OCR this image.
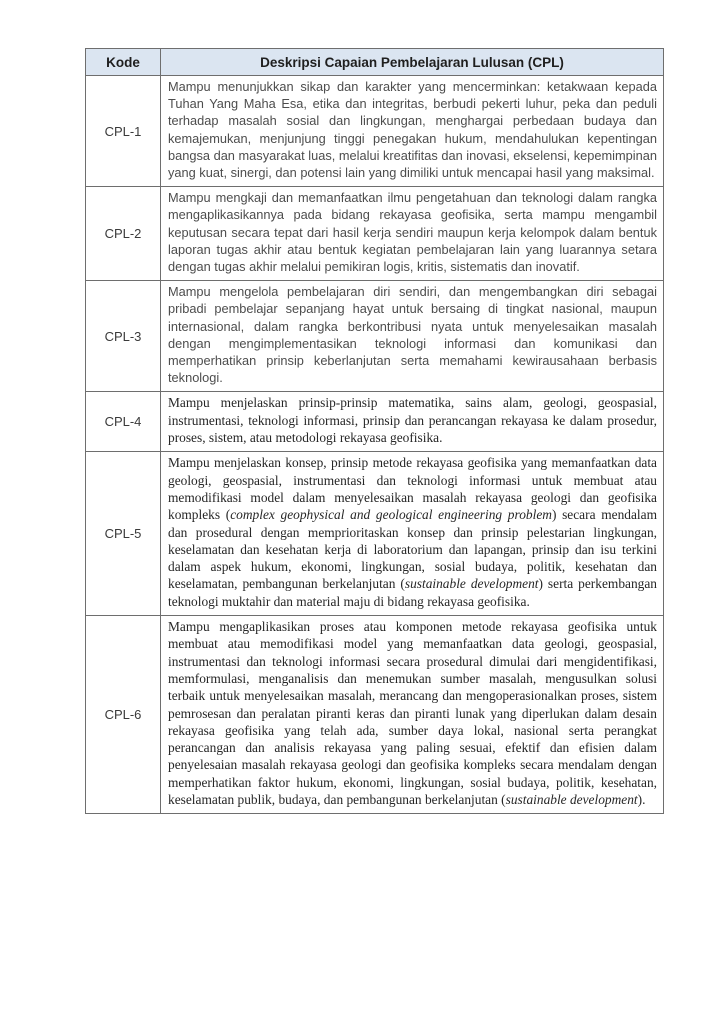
Kode	Deskripsi Capaian Pembelajaran Lulusan (CPL)
CPL-1	Mampu menunjukkan sikap dan karakter yang mencerminkan: ketakwaan kepada Tuhan Yang Maha Esa, etika dan integritas, berbudi pekerti luhur, peka dan peduli terhadap masalah sosial dan lingkungan, menghargai perbedaan budaya dan kemajemukan, menjunjung tinggi penegakan hukum, mendahulukan kepentingan bangsa dan masyarakat luas, melalui kreatifitas dan inovasi, ekselensi, kepemimpinan yang kuat, sinergi, dan potensi lain yang dimiliki untuk mencapai hasil yang maksimal.
CPL-2	Mampu mengkaji dan memanfaatkan ilmu pengetahuan dan teknologi dalam rangka mengaplikasikannya pada bidang rekayasa geofisika, serta mampu mengambil keputusan secara tepat dari hasil kerja sendiri maupun kerja kelompok dalam bentuk laporan tugas akhir atau bentuk kegiatan pembelajaran lain yang luarannya setara dengan tugas akhir melalui pemikiran logis, kritis, sistematis dan inovatif.
CPL-3	Mampu mengelola pembelajaran diri sendiri, dan mengembangkan diri sebagai pribadi pembelajar sepanjang hayat untuk bersaing di tingkat nasional, maupun internasional, dalam rangka berkontribusi nyata untuk menyelesaikan masalah dengan mengimplementasikan teknologi informasi dan komunikasi dan memperhatikan prinsip keberlanjutan serta memahami kewirausahaan berbasis teknologi.
CPL-4	Mampu menjelaskan prinsip-prinsip matematika, sains alam, geologi, geospasial, instrumentasi, teknologi informasi, prinsip dan perancangan rekayasa ke dalam prosedur, proses, sistem, atau metodologi rekayasa geofisika.
CPL-5	Mampu menjelaskan konsep, prinsip metode rekayasa geofisika yang memanfaatkan data geologi, geospasial, instrumentasi dan teknologi informasi untuk membuat atau memodifikasi model dalam menyelesaikan masalah rekayasa geologi dan geofisika kompleks (complex geophysical and geological engineering problem) secara mendalam dan prosedural dengan memprioritaskan konsep dan prinsip pelestarian lingkungan, keselamatan dan kesehatan kerja di laboratorium dan lapangan, prinsip dan isu terkini dalam aspek hukum, ekonomi, lingkungan, sosial budaya, politik, kesehatan dan keselamatan, pembangunan berkelanjutan (sustainable development) serta perkembangan teknologi muktahir dan material maju di bidang rekayasa geofisika.
CPL-6	Mampu mengaplikasikan proses atau komponen metode rekayasa geofisika untuk membuat atau memodifikasi model yang memanfaatkan data geologi, geospasial, instrumentasi dan teknologi informasi secara prosedural dimulai dari mengidentifikasi, memformulasi, menganalisis dan menemukan sumber masalah, mengusulkan solusi terbaik untuk menyelesaikan masalah, merancang dan mengoperasionalkan proses, sistem pemrosesan dan peralatan piranti keras dan piranti lunak yang diperlukan dalam desain rekayasa geofisika yang telah ada, sumber daya lokal, nasional serta perangkat perancangan dan analisis rekayasa yang paling sesuai, efektif dan efisien dalam penyelesaian masalah rekayasa geologi dan geofisika kompleks secara mendalam dengan memperhatikan faktor hukum, ekonomi, lingkungan, sosial budaya, politik, kesehatan, keselamatan publik, budaya, dan pembangunan berkelanjutan (sustainable development).
